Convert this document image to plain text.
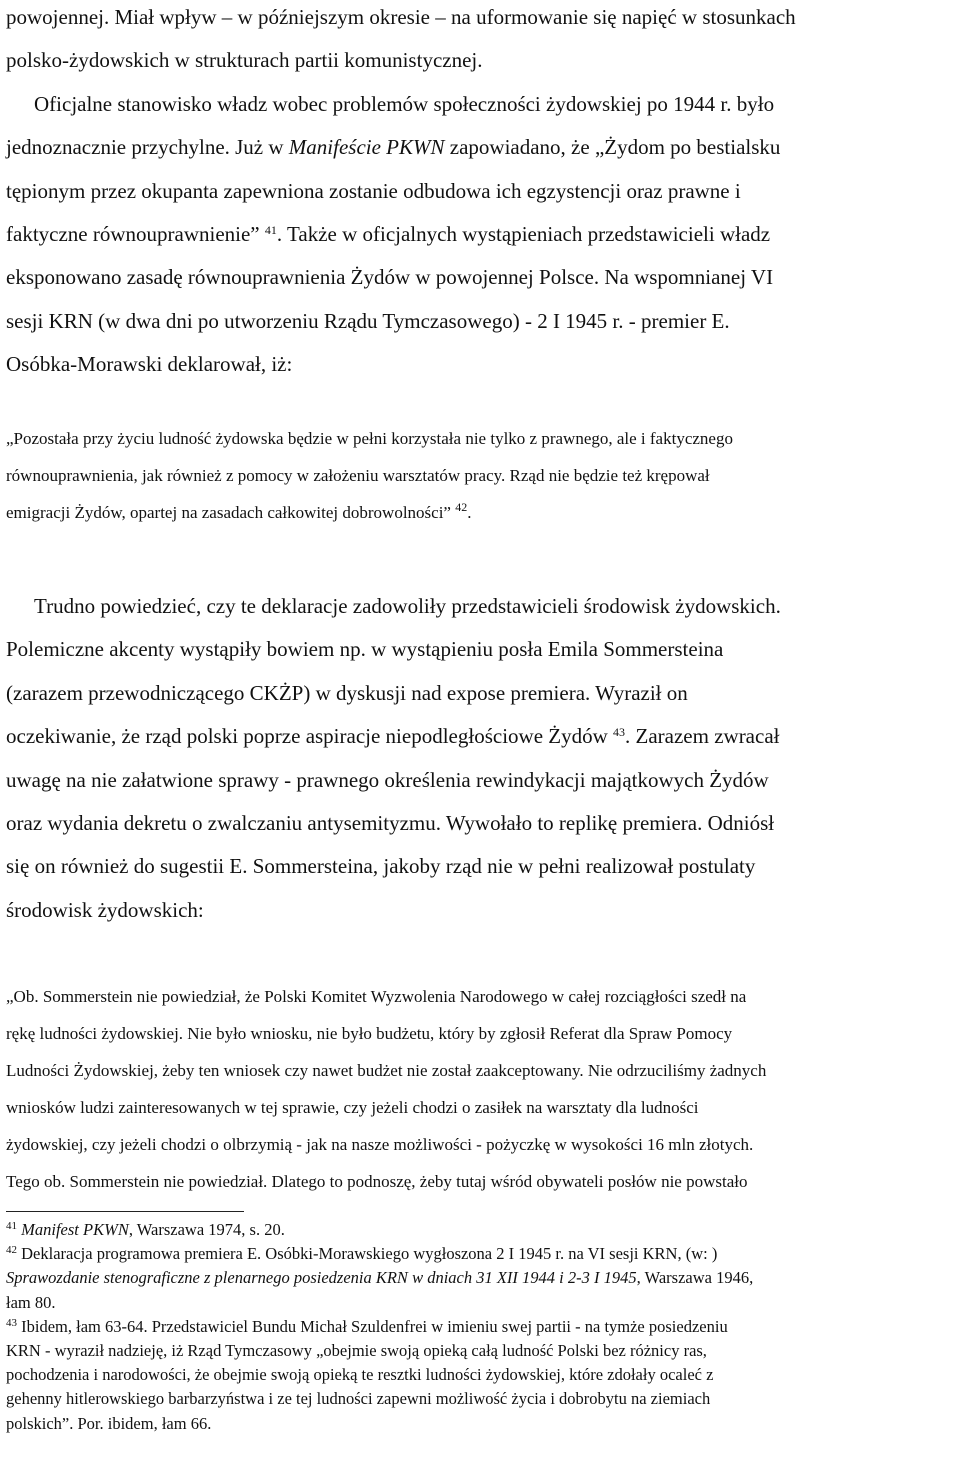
powojennej. Miał wpływ – w późniejszym okresie – na uformowanie się napięć w stosunkach

polsko-żydowskich w strukturach partii komunistycznej.

Oficjalne stanowisko władz wobec problemów społeczności żydowskiej po 1944 r. było

jednoznacznie przychylne. Już w Manifeście PKWN zapowiadano, że „Żydom po bestialsku

tępionym przez okupanta zapewniona zostanie odbudowa ich egzystencji oraz prawne i

faktyczne równouprawnienie” $^{41}$. Także w oficjalnych wystąpieniach przedstawicieli władz

eksponowano zasadę równouprawnienia Żydów w powojennej Polsce. Na wspomnianej VI

sesji KRN (w dwa dni po utworzeniu Rządu Tymczasowego) - 2 I 1945 r. - premier E.

Osóbka-Morawski deklarował, iż:

„Pozostała przy życiu ludność żydowska będzie w pełni korzystała nie tylko z prawnego, ale i faktycznego

równouprawnienia, jak również z pomocy w założeniu warsztatów pracy. Rząd nie będzie też krępował

emigracji Żydów, opartej na zasadach całkowitej dobrowolności” $^{42}$.

Trudno powiedzieć, czy te deklaracje zadowoliły przedstawicieli środowisk żydowskich.

Polemiczne akcenty wystąpiły bowiem np. w wystąpieniu posła Emila Sommersteina

(zarazem przewodniczącego CKŻP) w dyskusji nad expose premiera. Wyraził on

oczekiwanie, że rząd polski poprze aspiracje niepodległościowe Żydów $^{43}$. Zarazem zwracał

uwagę na nie załatwione sprawy - prawnego określenia rewindykacji majątkowych Żydów

oraz wydania dekretu o zwalczaniu antysemityzmu. Wywołało to replikę premiera. Odniósł

się on również do sugestii E. Sommersteina, jakoby rząd nie w pełni realizował postulaty

środowisk żydowskich:

„Ob. Sommerstein nie powiedział, że Polski Komitet Wyzwolenia Narodowego w całej rozciągłości szedł na

rękę ludności żydowskiej. Nie było wniosku, nie było budżetu, który by zgłosił Referat dla Spraw Pomocy

Ludności Żydowskiej, żeby ten wniosek czy nawet budżet nie został zaakceptowany. Nie odrzuciliśmy żadnych

wniosków ludzi zainteresowanych w tej sprawie, czy jeżeli chodzi o zasiłek na warsztaty dla ludności

żydowskiej, czy jeżeli chodzi o olbrzymią - jak na nasze możliwości - pożyczkę w wysokości 16 mln złotych.

Tego ob. Sommerstein nie powiedział. Dlatego to podnoszę, żeby tutaj wśród obywateli posłów nie powstało

$^{41}$ Manifest PKWN, Warszawa 1974, s. 20.

$^{42}$ Deklaracja programowa premiera E. Osóbki-Morawskiego wygłoszona 2 I 1945 r. na VI sesji KRN, (w: )
Sprawozdanie stenograficzne z plenarnego posiedzenia KRN w dniach 31 XII 1944 i 2-3 I 1945, Warszawa 1946,
łam 80.

$^{43}$ Ibidem, łam 63-64. Przedstawiciel Bundu Michał Szuldenfrei w imieniu swej partii - na tymże posiedzeniu
KRN - wyraził nadzieję, iż Rząd Tymczasowy „obejmie swoją opieką całą ludność Polski bez różnicy ras,
pochodzenia i narodowości, że obejmie swoją opieką te resztki ludności żydowskiej, które zdołały ocaleć z
gehenny hitlerowskiego barbarzyństwa i ze tej ludności zapewni możliwość życia i dobrobytu na ziemiach
polskich”. Por. ibidem, łam 66.
